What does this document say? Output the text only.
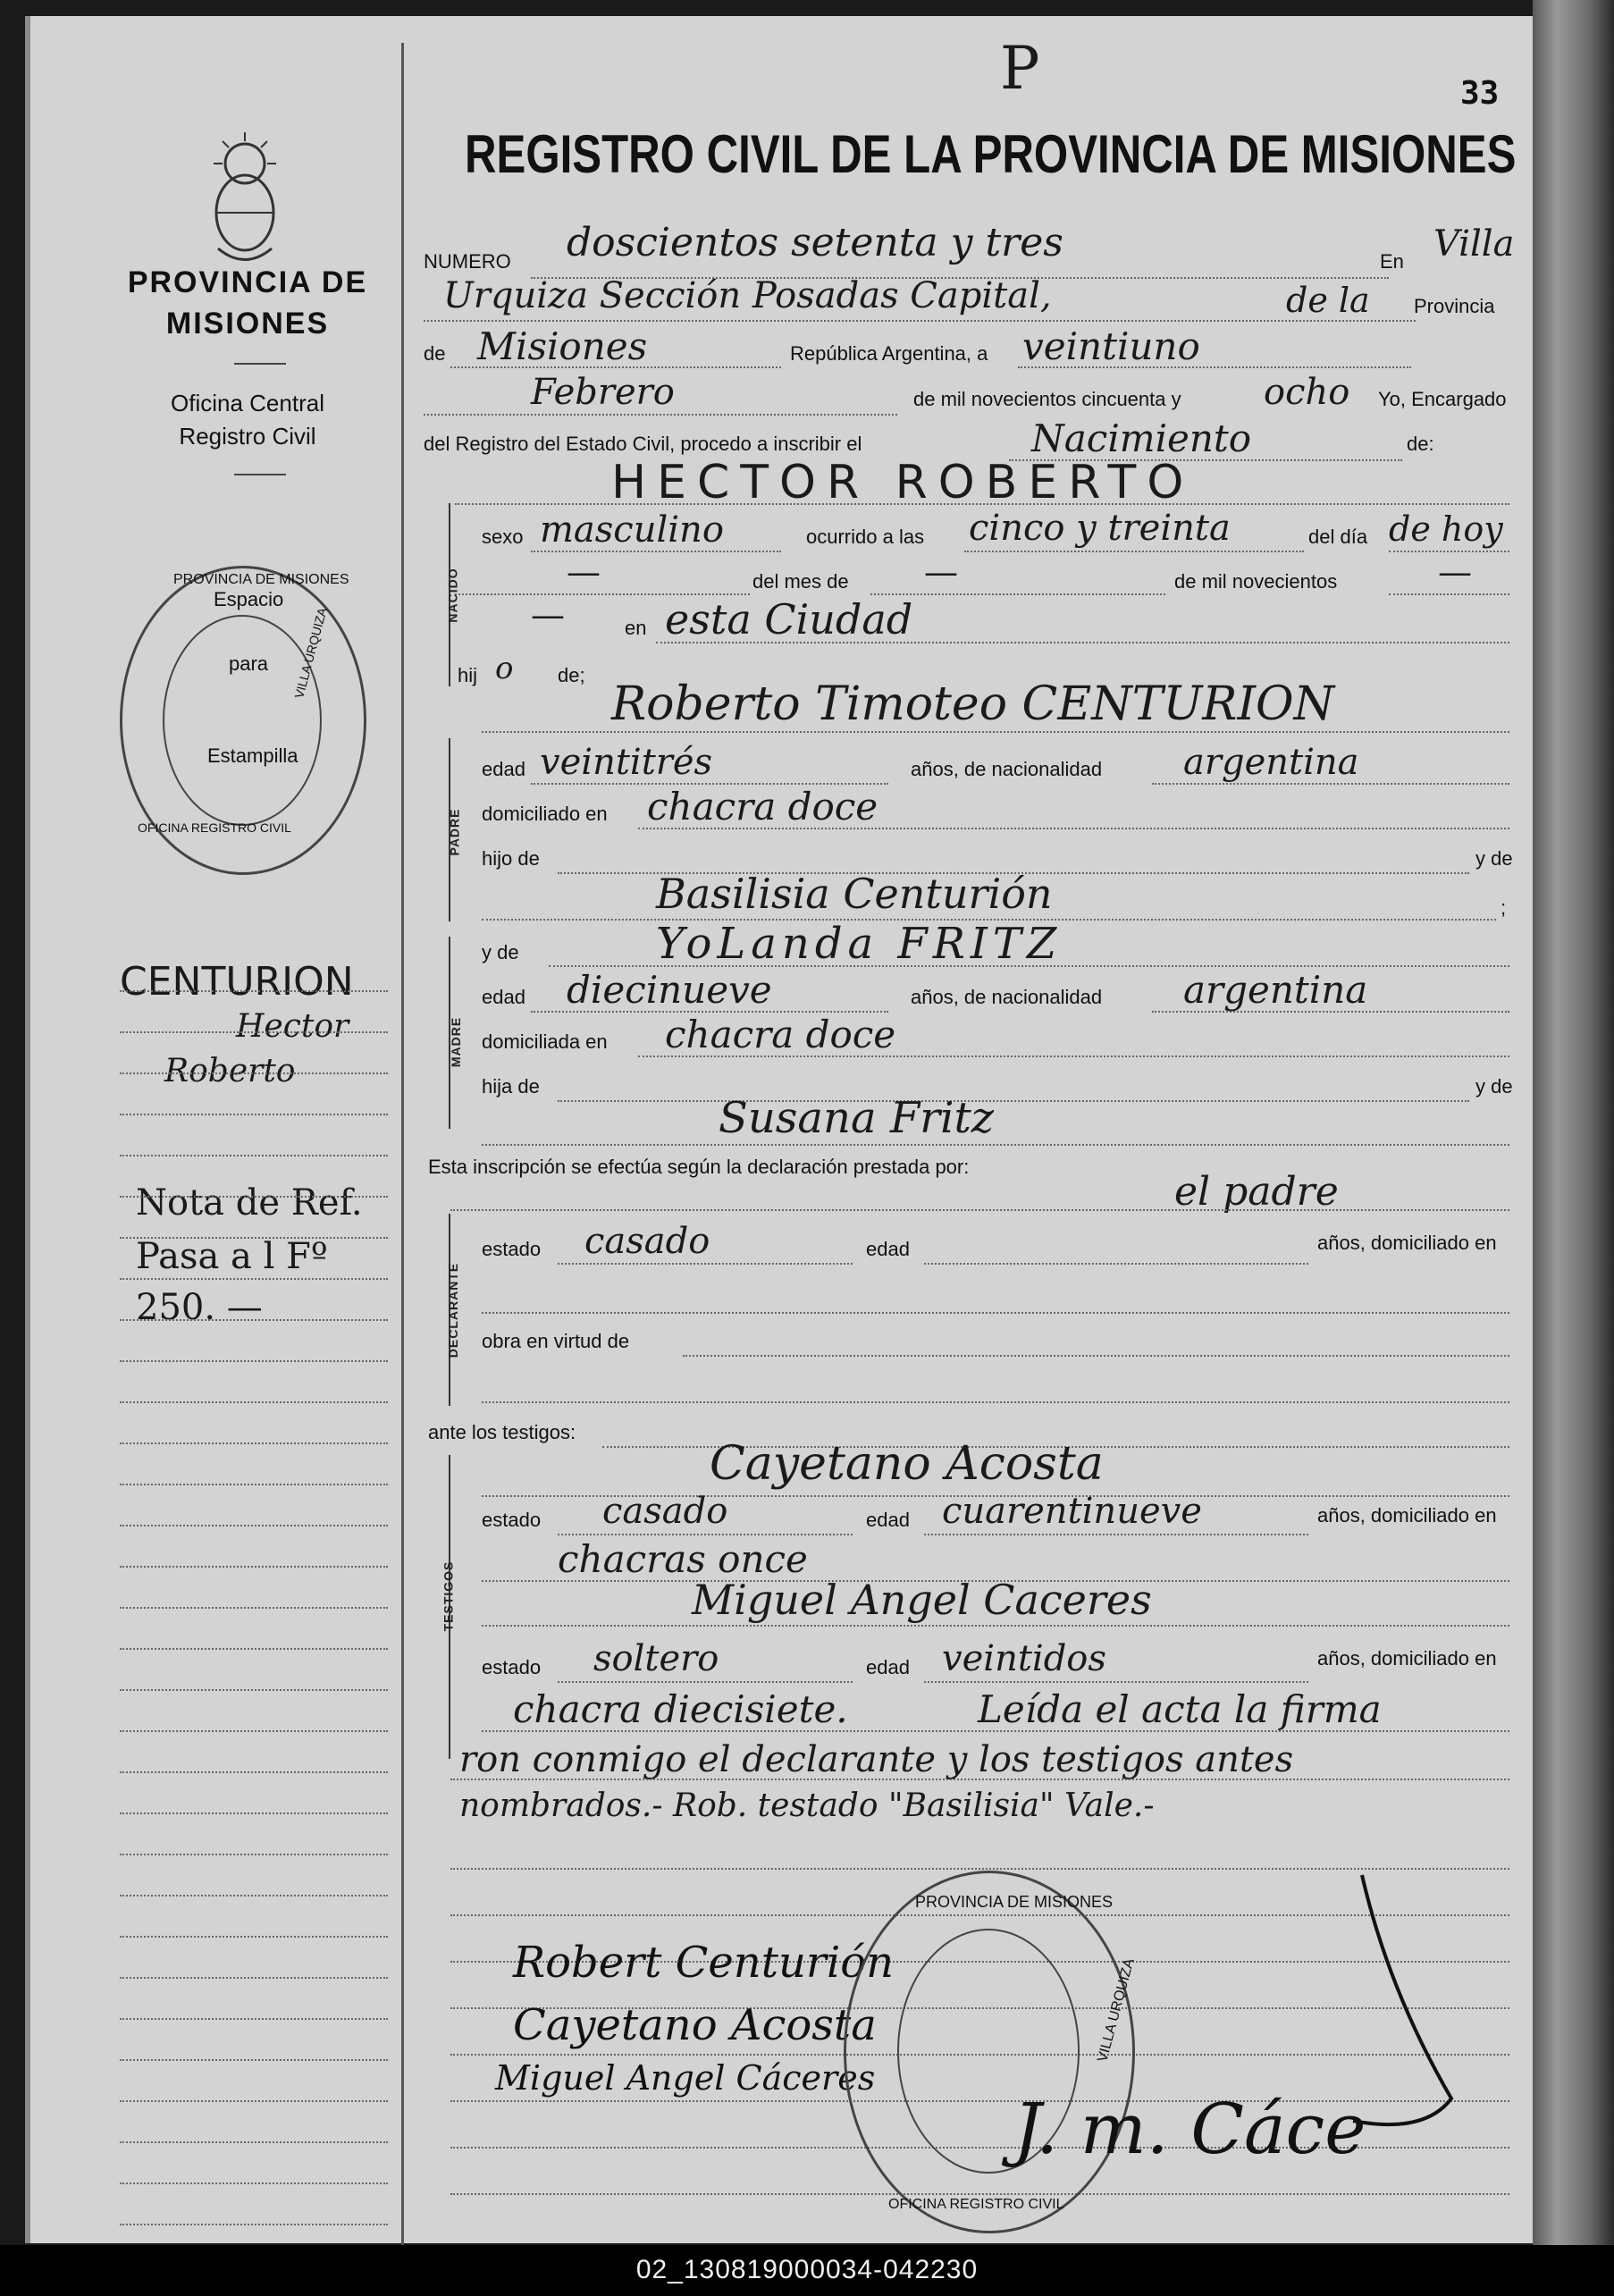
P	33
REGISTRO CIVIL DE LA PROVINCIA DE MISIONES
PROVINCIA DE MISIONES
Oficina Central
Registro Civil
PROVINCIA DE MISIONES
OFICINA REGISTRO CIVIL
VILLA URQUIZA
Espacio
para
Estampilla
CENTURION
Hector
Roberto
Nota de Ref.
Pasa a l Fº
250. —
NUMERO doscientos setenta y tres	En Villa
Urquiza Sección Posadas Capital,	de la Provincia
de Misiones	República Argentina, a veintiuno
Febrero	de mil novecientos cincuenta y ocho Yo, Encargado
del Registro del Estado Civil, procedo a inscribir el	Nacimiento	de:
HECTOR ROBERTO
NACIDO
sexo masculino	ocurrido a las cinco y treinta	del día de hoy
—	del mes de —	de mil novecientos	—
—	en esta Ciudad
hij o de;
Roberto Timoteo CENTURION
PADRE
edad veintitrés	años, de nacionalidad argentina
domiciliado en chacra doce
hijo de	y de
Basilisia Centurión	;
MADRE
y de	YoLanda FRITZ
edad diecinueve	años, de nacionalidad argentina
domiciliada en chacra doce
hija de	y de
Susana Fritz
Esta inscripción se efectúa según la declaración prestada por:
el padre
DECLARANTE
estado casado	edad	años, domiciliado en
obra en virtud de
ante los testigos:
TESTIGOS
Cayetano Acosta
estado casado	edad cuarentinueve	años, domiciliado en
chacras once
Miguel Angel Caceres
estado soltero	edad veintidos	años, domiciliado en
chacra diecisiete.	Leída el acta la firma
ron conmigo el declarante y los testigos antes
nombrados.- Rob. testado "Basilisia" Vale.-
Robert Centurión
Cayetano Acosta
Miguel Angel Cáceres
PROVINCIA DE MISIONES
OFICINA REGISTRO CIVIL
VILLA URQUIZA
J. m. Cáce
02_130819000034-042230
